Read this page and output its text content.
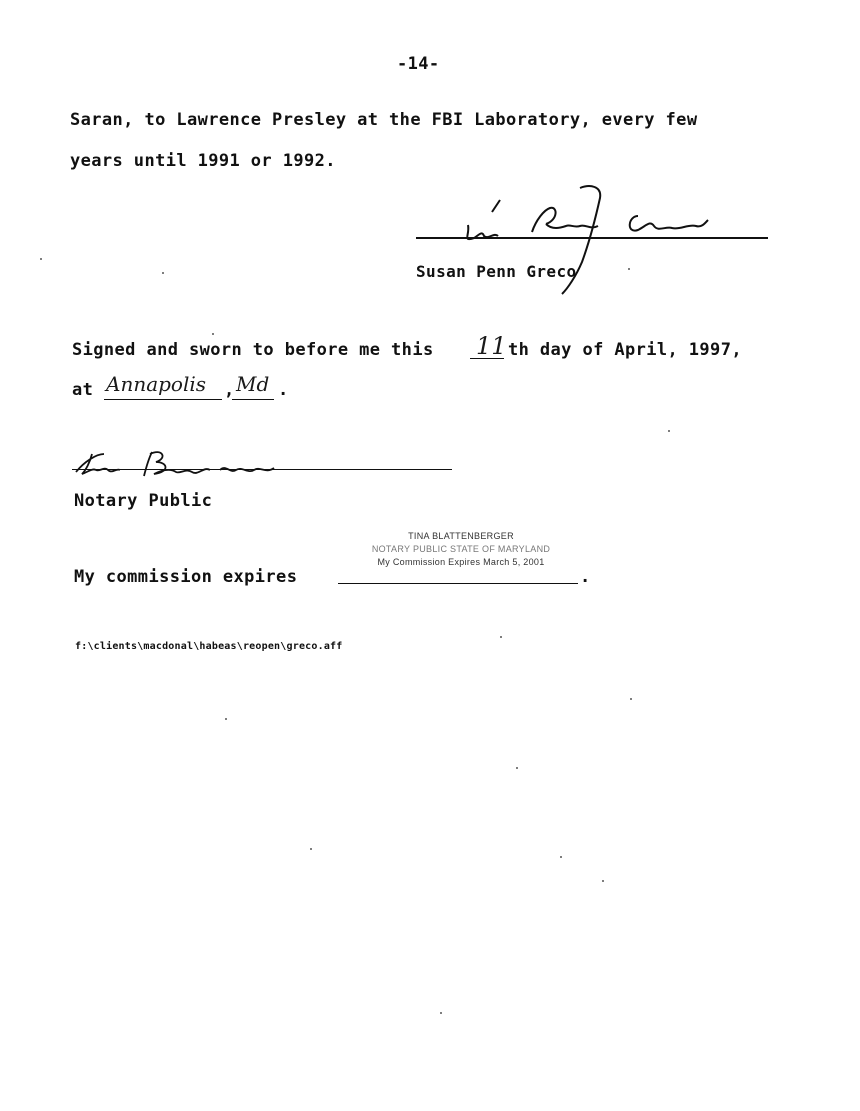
-14-
Saran, to Lawrence Presley at the FBI Laboratory, every few
years until 1991 or 1992.
Susan Penn Greco
Signed and sworn to before me this 11 th day of April, 1997,
at Annapolis , Md .
Notary Public
My commission expires
TINA BLATTENBERGER
NOTARY PUBLIC STATE OF MARYLAND
My Commission Expires March 5, 2001
.
f:\clients\macdonal\habeas\reopen\greco.aff
